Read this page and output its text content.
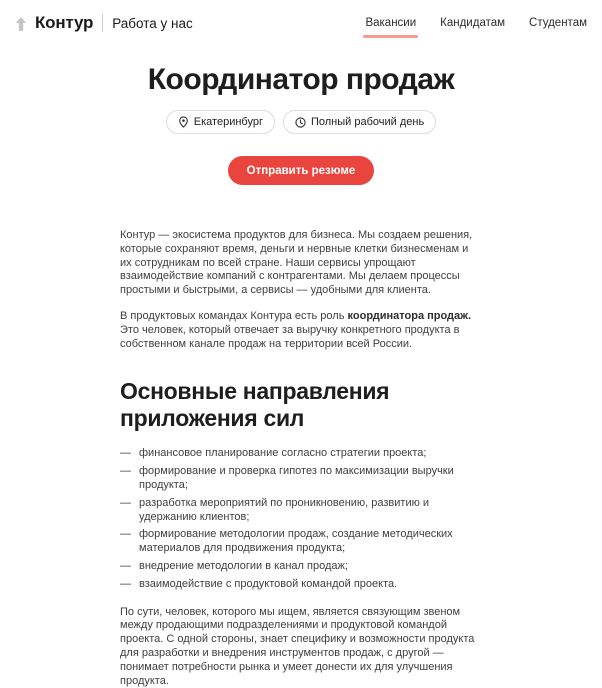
Контур Работа у нас	Вакансии Кандидатам Студентам
Координатор продаж
Екатеринбург	Полный рабочий день
Отправить резюме

Контур — экосистема продуктов для бизнеса. Мы создаем решения, которые сохраняют время, деньги и нервные клетки бизнесменам и их сотрудникам по всей стране. Наши сервисы упрощают взаимодействие компаний с контрагентами. Мы делаем процессы простыми и быстрыми, а сервисы — удобными для клиента.

В продуктовых командах Контура есть роль координатора продаж. Это человек, который отвечает за выручку конкретного продукта в собственном канале продаж на территории всей России.

Основные направления приложения сил
— финансовое планирование согласно стратегии проекта;
— формирование и проверка гипотез по максимизации выручки продукта;
— разработка мероприятий по проникновению, развитию и удержанию клиентов;
— формирование методологии продаж, создание методических материалов для продвижения продукта;
— внедрение методологии в канал продаж;
— взаимодействие с продуктовой командой проекта.

По сути, человек, которого мы ищем, является связующим звеном между продающими подразделениями и продуктовой командой проекта. С одной стороны, знает специфику и возможности продукта для разработки и внедрения инструментов продаж, с другой — понимает потребности рынка и умеет донести их для улучшения продукта.
